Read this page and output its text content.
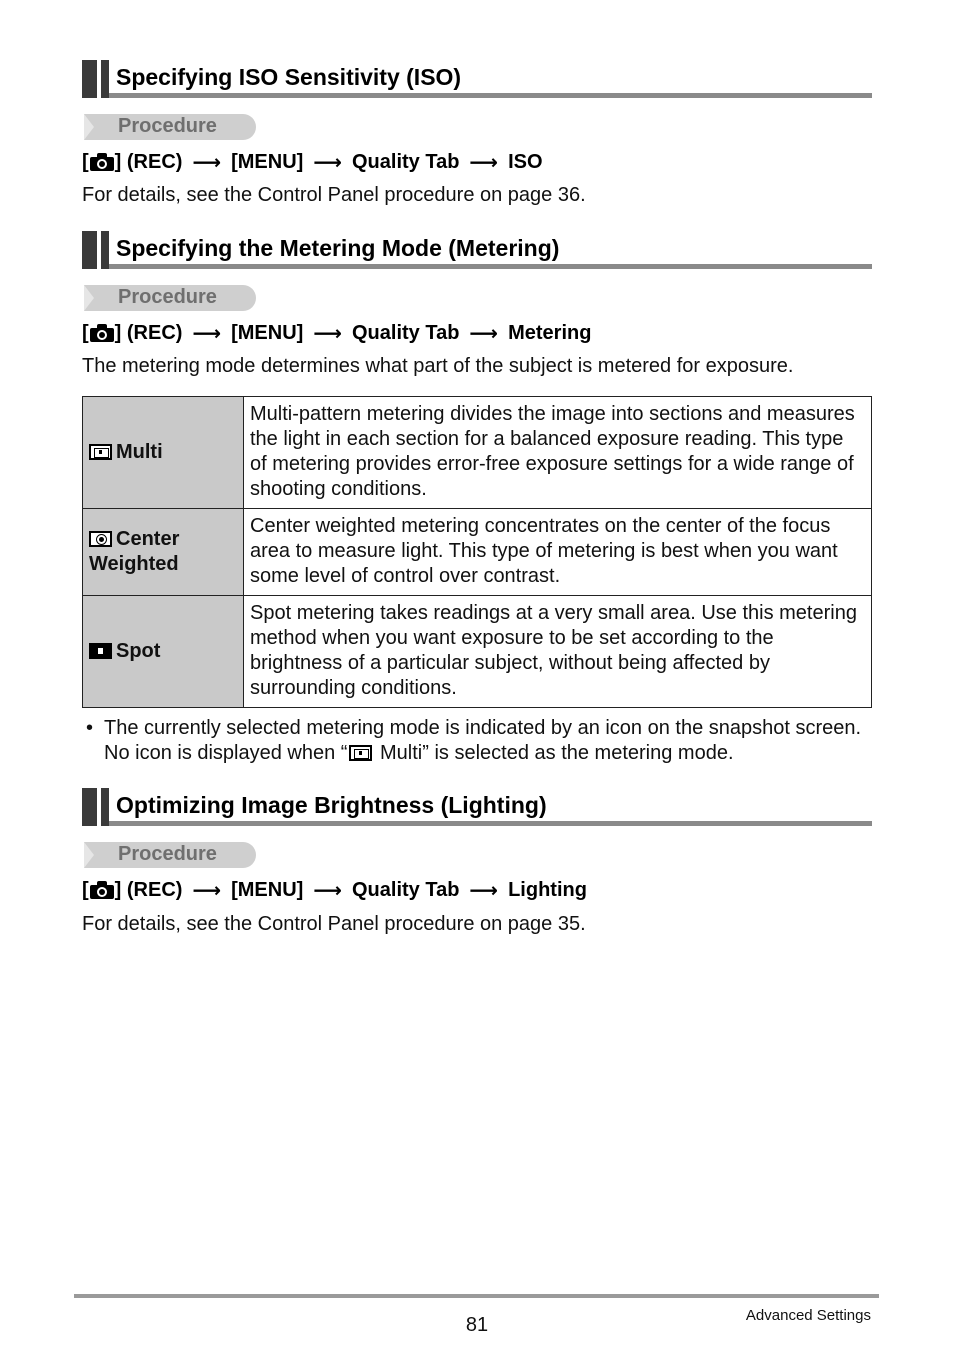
Specifying ISO Sensitivity (ISO)
Procedure
[ ] (REC) ⟶ [MENU] ⟶ Quality Tab ⟶ ISO
For details, see the Control Panel procedure on page 36.
Specifying the Metering Mode (Metering)
Procedure
[ ] (REC) ⟶ [MENU] ⟶ Quality Tab ⟶ Metering
The metering mode determines what part of the subject is metered for exposure.
Multi	Multi-pattern metering divides the image into sections and measures the light in each section for a balanced exposure reading. This type of metering provides error-free exposure settings for a wide range of shooting conditions.
Center
Weighted	Center weighted metering concentrates on the center of the focus area to measure light. This type of metering is best when you want some level of control over contrast.
Spot	Spot metering takes readings at a very small area. Use this metering method when you want exposure to be set according to the brightness of a particular subject, without being affected by surrounding conditions.
• The currently selected metering mode is indicated by an icon on the snapshot screen. No icon is displayed when “ Multi” is selected as the metering mode.
Optimizing Image Brightness (Lighting)
Procedure
[ ] (REC) ⟶ [MENU] ⟶ Quality Tab ⟶ Lighting
For details, see the Control Panel procedure on page 35.
81	Advanced Settings
